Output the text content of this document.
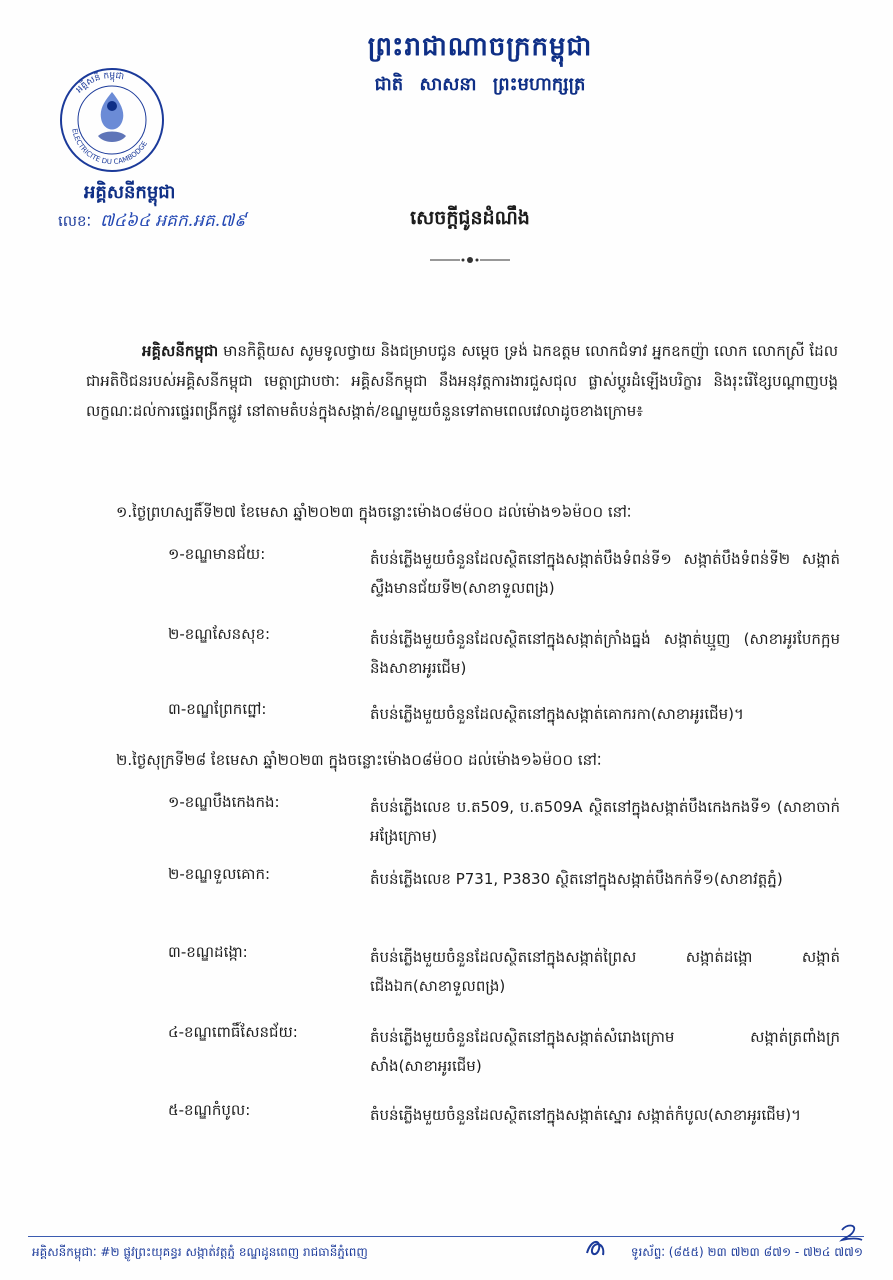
ព្រះរាជាណាចក្រកម្ពុជា
ជាតិ សាសនា ព្រះមហាក្សត្រ
អគ្គិសនី កម្ពុជា
ELECTRICITE DU CAMBODGE
អគ្គិសនីកម្ពុជា
លេខៈ ៧៤៦៤ អគក.អគ.៧៩	សេចក្ដីជូនដំណឹង
អគ្គិសនីកម្ពុជា មានកិត្តិយស សូមទូលថ្វាយ និងជម្រាបជូន សម្ដេច ទ្រង់ ឯកឧត្តម លោកជំទាវ អ្នកឧកញ៉ា លោក លោកស្រី ដែលជាអតិថិជនរបស់អគ្គិសនីកម្ពុជា មេត្តាជ្រាបថាៈ អគ្គិសនីកម្ពុជា នឹងអនុវត្តការងារជួសជុល ផ្លាស់ប្ដូរដំឡើងបរិក្ខារ និងរុះរើខ្សែបណ្ដាញបង្គលក្ខណៈដល់ការផ្ទេរពង្រីកផ្លូវ នៅតាមតំបន់ក្នុងសង្កាត់/ខណ្ឌមួយចំនួនទៅតាមពេលវេលាដូចខាងក្រោម៖
១.ថ្ងៃព្រហស្បតិ៍ទី២៧ ខែមេសា ឆ្នាំ២០២៣ ក្នុងចន្លោះម៉ោង០៨ម៉០០ ដល់ម៉ោង១៦ម៉០០ នៅៈ
១-ខណ្ឌមានជ័យ:	តំបន់ភ្លើងមួយចំនួនដែលស្ថិតនៅក្នុងសង្កាត់បឹងទំពន់ទី១ សង្កាត់បឹងទំពន់ទី២ សង្កាត់ស្ទឹងមានជ័យទី២(សាខាទួលពង្រ)
២-ខណ្ឌសែនសុខ:	តំបន់ភ្លើងមួយចំនួនដែលស្ថិតនៅក្នុងសង្កាត់ក្រាំងធ្នង់ សង្កាត់ឃ្មួញ (សាខាអូរបែកក្អម និងសាខាអូរជើម)
៣-ខណ្ឌព្រែកព្នៅ:	តំបន់ភ្លើងមួយចំនួនដែលស្ថិតនៅក្នុងសង្កាត់គោករកា(សាខាអូរជើម)។
២.ថ្ងៃសុក្រទី២៨ ខែមេសា ឆ្នាំ២០២៣ ក្នុងចន្លោះម៉ោង០៨ម៉០០ ដល់ម៉ោង១៦ម៉០០ នៅៈ
១-ខណ្ឌបឹងកេងកង:	តំបន់ភ្លើងលេខ ប.ត509, ប.ត509A ស្ថិតនៅក្នុងសង្កាត់បឹងកេងកងទី១ (សាខាចាក់អង្រែក្រោម)
២-ខណ្ឌទួលគោក:	តំបន់ភ្លើងលេខ P731, P3830 ស្ថិតនៅក្នុងសង្កាត់បឹងកក់ទី១(សាខាវត្តភ្នំ)
៣-ខណ្ឌដង្កោ:	តំបន់ភ្លើងមួយចំនួនដែលស្ថិតនៅក្នុងសង្កាត់ព្រៃស សង្កាត់ដង្កោ សង្កាត់ជើងឯក(សាខាទួលពង្រ)
៤-ខណ្ឌពោធិ៍សែនជ័យ:	តំបន់ភ្លើងមួយចំនួនដែលស្ថិតនៅក្នុងសង្កាត់សំរោងក្រោម សង្កាត់ត្រពាំងក្រសាំង(សាខាអូរជើម)
៥-ខណ្ឌកំបូល:	តំបន់ភ្លើងមួយចំនួនដែលស្ថិតនៅក្នុងសង្កាត់ស្នោរ សង្កាត់កំបូល(សាខាអូរជើម)។
អគ្គិសនីកម្ពុជាៈ #២ ផ្លូវព្រះយុគន្ធរ សង្កាត់វត្តភ្នំ ខណ្ឌដូនពេញ រាជធានីភ្នំពេញ	ទូរស័ព្ទៈ (៨៥៥) ២៣ ៧២៣ ៨៧១ - ៧២៤ ៧៧១
